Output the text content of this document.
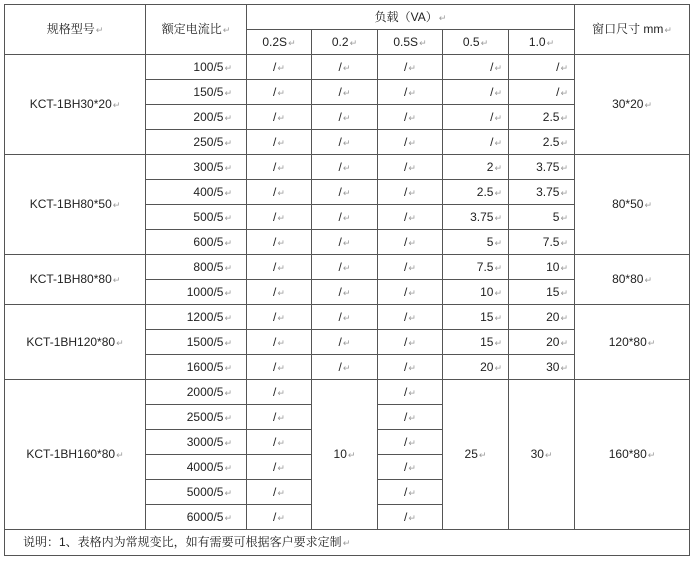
规格型号↵	额定电流比↵	负载（VA）↵					窗口尺寸 mm↵
		0.2S↵	0.2↵	0.5S↵	0.5↵	1.0↵	
KCT-1BH30*20↵	100/5↵	/↵	/↵	/↵	/↵	/↵	30*20↵
	150/5↵	/↵	/↵	/↵	/↵	/↵	
	200/5↵	/↵	/↵	/↵	/↵	2.5↵	
	250/5↵	/↵	/↵	/↵	/↵	2.5↵	
KCT-1BH80*50↵	300/5↵	/↵	/↵	/↵	2↵	3.75↵	80*50↵
	400/5↵	/↵	/↵	/↵	2.5↵	3.75↵	
	500/5↵	/↵	/↵	/↵	3.75↵	5↵	
	600/5↵	/↵	/↵	/↵	5↵	7.5↵	
KCT-1BH80*80↵	800/5↵	/↵	/↵	/↵	7.5↵	10↵	80*80↵
	1000/5↵	/↵	/↵	/↵	10↵	15↵	
KCT-1BH120*80↵	1200/5↵	/↵	/↵	/↵	15↵	20↵	120*80↵
	1500/5↵	/↵	/↵	/↵	15↵	20↵	
	1600/5↵	/↵	/↵	/↵	20↵	30↵	
KCT-1BH160*80↵	2000/5↵	/↵	10↵	/↵	25↵	30↵	160*80↵
	2500/5↵	/↵		/↵			
	3000/5↵	/↵		/↵			
	4000/5↵	/↵		/↵			
	5000/5↵	/↵		/↵			
	6000/5↵	/↵		/↵			
说明：1、表格内为常规变比，如有需要可根据客户要求定制↵							
